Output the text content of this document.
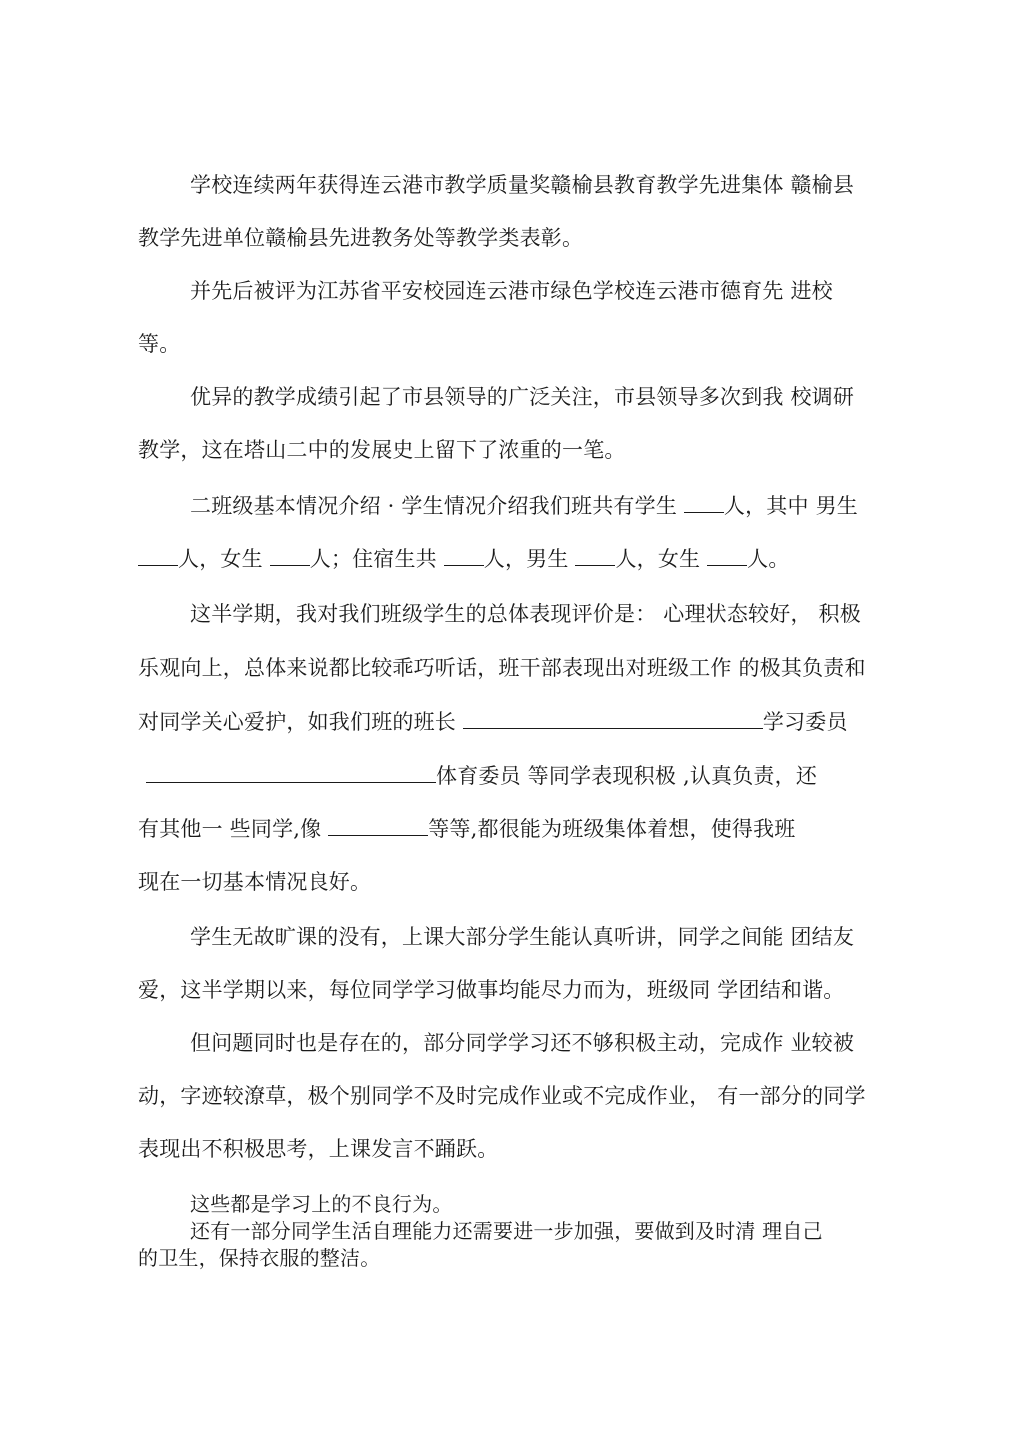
学校连续两年获得连云港市教学质量奖赣榆县教育教学先进集体 赣榆县
教学先进单位赣榆县先进教务处等教学类表彰。
并先后被评为江苏省平安校园连云港市绿色学校连云港市德育先 进校
等。
优异的教学成绩引起了市县领导的广泛关注，市县领导多次到我 校调研
教学，这在塔山二中的发展史上留下了浓重的一笔。
二班级基本情况介绍 · 学生情况介绍我们班共有学生 人，其中 男生
人，女生 人；住宿生共 人，男生 人，女生 人。
这半学期，我对我们班级学生的总体表现评价是： 心理状态较好， 积极
乐观向上，总体来说都比较乖巧听话，班干部表现出对班级工作 的极其负责和
对同学关心爱护，如我们班的班长	学习委员
体育委员 等同学表现积极 ,认真负责，还
有其他一 些同学,像	等等,都很能为班级集体着想，使得我班
现在一切基本情况良好。
学生无故旷课的没有，上课大部分学生能认真听讲，同学之间能 团结友
爱，这半学期以来，每位同学学习做事均能尽力而为，班级同 学团结和谐。
但问题同时也是存在的，部分同学学习还不够积极主动，完成作 业较被
动，字迹较潦草，极个别同学不及时完成作业或不完成作业， 有一部分的同学
表现出不积极思考，上课发言不踊跃。
这些都是学习上的不良行为。
还有一部分同学生活自理能力还需要进一步加强，要做到及时清 理自己
的卫生，保持衣服的整洁。
